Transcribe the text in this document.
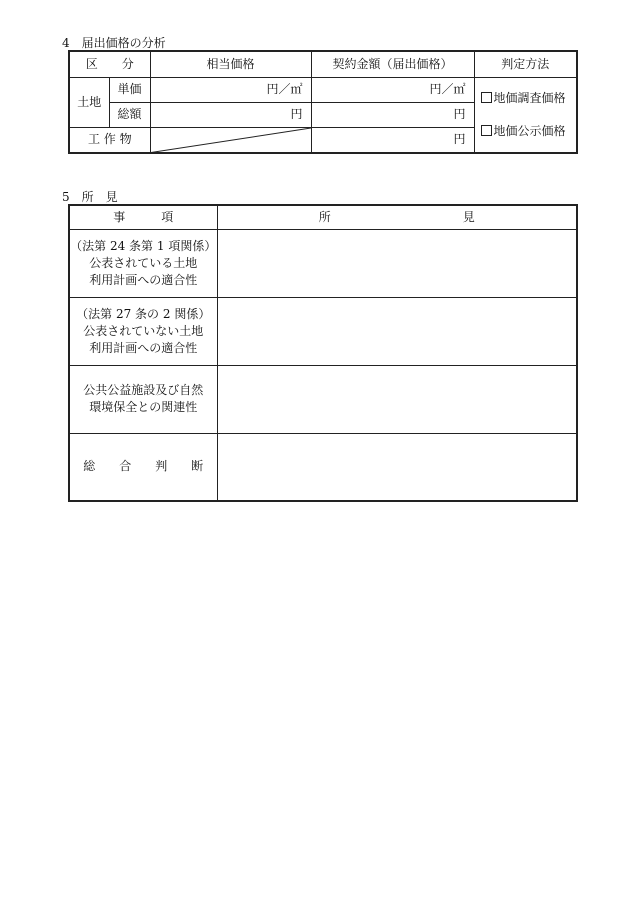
4　届出価格の分析
区　　分		相当価格	契約金額（届出価格）	判定方法
土地	単価	円／㎡	円／㎡	地価調査価格
地価公示価格

	総額	円	円	
工 作 物			円	
5　所　見
事　　　項	所　　　　　　　　　　　見

（法第 24 条第 1 項関係）
公表されている土地
利用計画への適合性	

（法第 27 条の 2 関係）
公表されていない土地
利用計画への適合性	

公共公益施設及び自然
環境保全との関連性	

総　　合　　判　　断	
